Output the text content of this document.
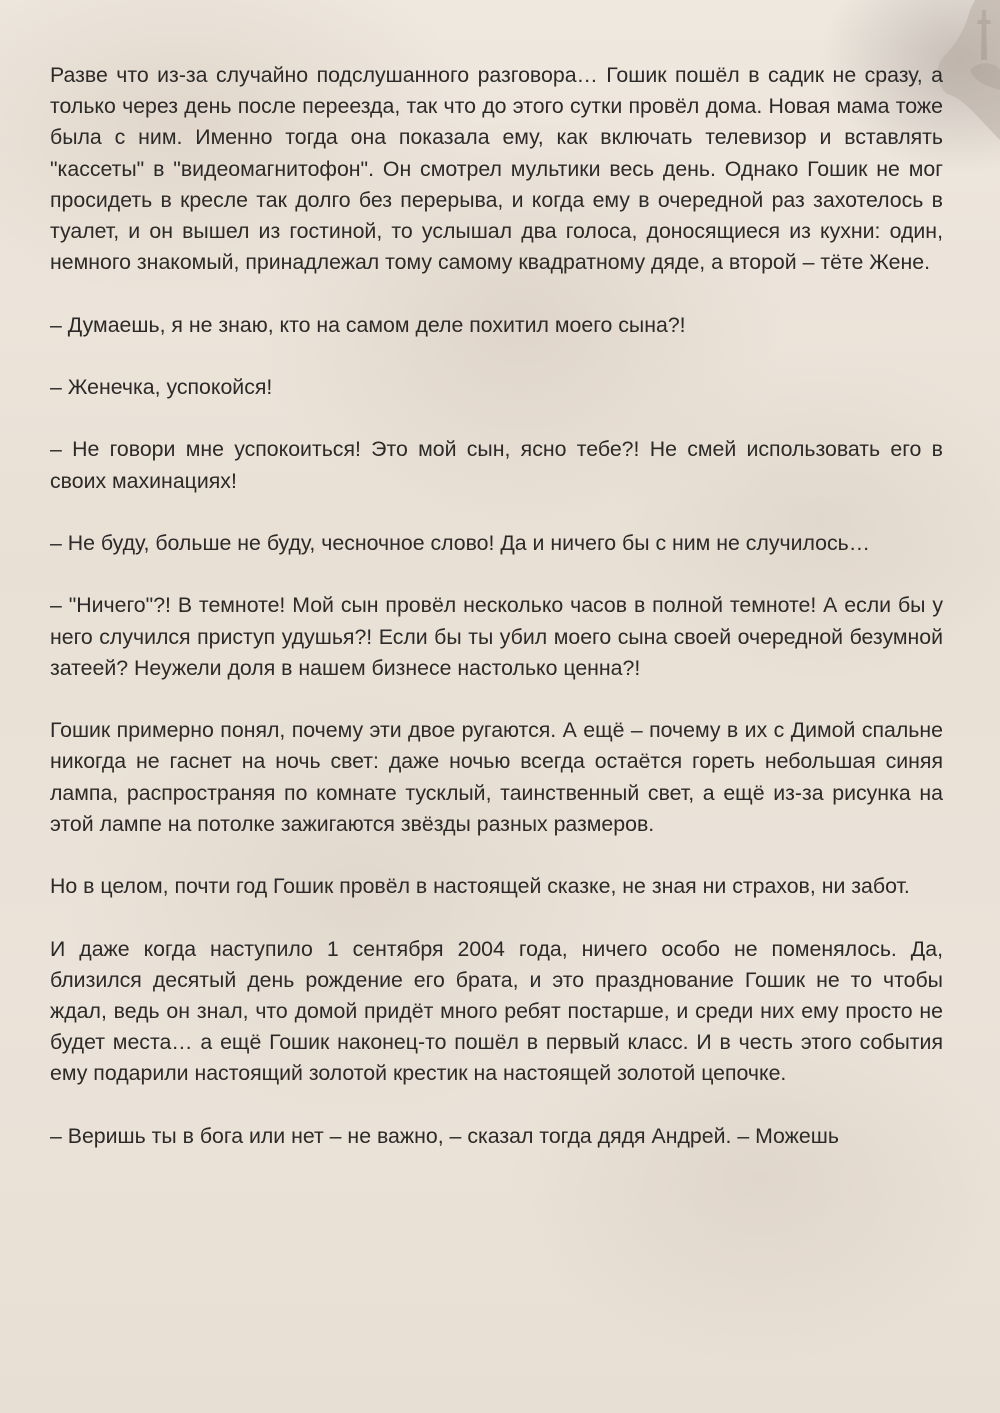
Разве что из-за случайно подслушанного разговора… Гошик пошёл в садик не сразу, а только через день после переезда, так что до этого сутки провёл дома. Новая мама тоже была с ним. Именно тогда она показала ему, как включать телевизор и вставлять "кассеты" в "видеомагнитофон". Он смотрел мультики весь день. Однако Гошик не мог просидеть в кресле так долго без перерыва, и когда ему в очередной раз захотелось в туалет, и он вышел из гостиной, то услышал два голоса, доносящиеся из кухни: один, немного знакомый, принадлежал тому самому квадратному дяде, а второй – тёте Жене.

– Думаешь, я не знаю, кто на самом деле похитил моего сына?!

– Женечка, успокойся!

– Не говори мне успокоиться! Это мой сын, ясно тебе?! Не смей использовать его в своих махинациях!

– Не буду, больше не буду, чесночное слово! Да и ничего бы с ним не случилось…

– "Ничего"?! В темноте! Мой сын провёл несколько часов в полной темноте! А если бы у него случился приступ удушья?! Если бы ты убил моего сына своей очередной безумной затеей? Неужели доля в нашем бизнесе настолько ценна?!

Гошик примерно понял, почему эти двое ругаются. А ещё – почему в их с Димой спальне никогда не гаснет на ночь свет: даже ночью всегда остаётся гореть небольшая синяя лампа, распространяя по комнате тусклый, таинственный свет, а ещё из-за рисунка на этой лампе на потолке зажигаются звёзды разных размеров.

Но в целом, почти год Гошик провёл в настоящей сказке, не зная ни страхов, ни забот.

И даже когда наступило 1 сентября 2004 года, ничего особо не поменялось. Да, близился десятый день рождение его брата, и это празднование Гошик не то чтобы ждал, ведь он знал, что домой придёт много ребят постарше, и среди них ему просто не будет места… а ещё Гошик наконец-то пошёл в первый класс. И в честь этого события ему подарили настоящий золотой крестик на настоящей золотой цепочке.

– Веришь ты в бога или нет – не важно, – сказал тогда дядя Андрей. – Можешь
